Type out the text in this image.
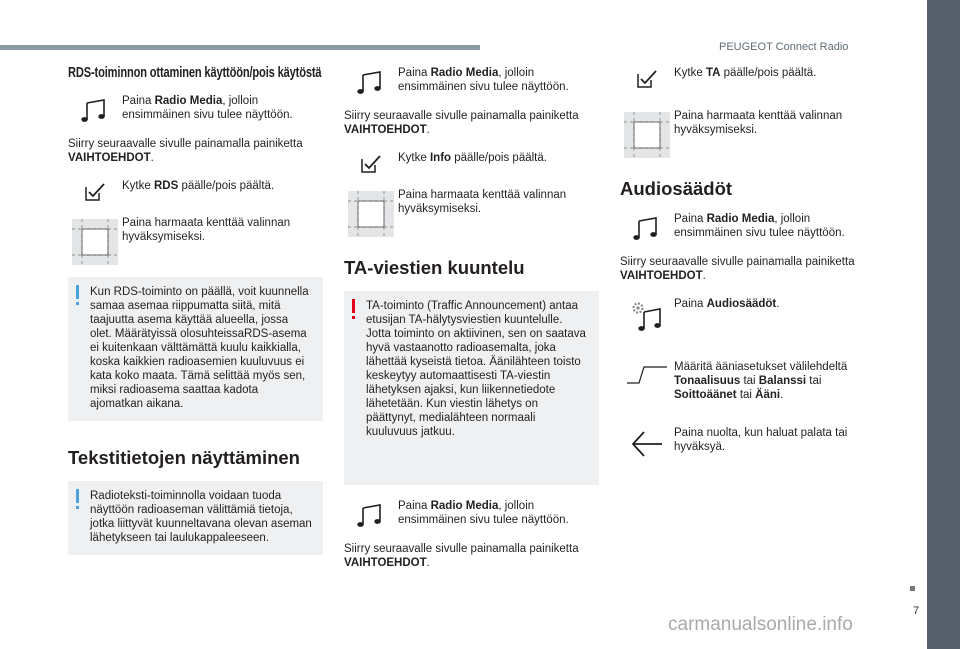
PEUGEOT Connect Radio
RDS-toiminnon ottaminen käyttöön/pois käytöstä
Paina Radio Media, jolloin ensimmäinen sivu tulee näyttöön.
Siirry seuraavalle sivulle painamalla painiketta VAIHTOEHDOT.
Kytke RDS päälle/pois päältä.
Paina harmaata kenttää valinnan hyväksymiseksi.
Kun RDS-toiminto on päällä, voit kuunnella samaa asemaa riippumatta siitä, mitä taajuutta asema käyttää alueella, jossa olet. Määrätyissä olosuhteissaRDS-asema ei kuitenkaan välttämättä kuulu kaikkialla, koska kaikkien radioasemien kuuluvuus ei kata koko maata. Tämä selittää myös sen, miksi radioasema saattaa kadota ajomatkan aikana.
Tekstitietojen näyttäminen
Radioteksti-toiminnolla voidaan tuoda näyttöön radioaseman välittämiä tietoja, jotka liittyvät kuunneltavana olevan aseman lähetykseen tai laulukappaleeseen.
Paina Radio Media, jolloin ensimmäinen sivu tulee näyttöön.
Siirry seuraavalle sivulle painamalla painiketta VAIHTOEHDOT.
Kytke Info päälle/pois päältä.
Paina harmaata kenttää valinnan hyväksymiseksi.
TA-viestien kuuntelu
TA-toiminto (Traffic Announcement) antaa etusijan TA-hälytysviestien kuuntelulle. Jotta toiminto on aktiivinen, sen on saatava hyvä vastaanotto radioasemalta, joka lähettää kyseistä tietoa. Äänilähteen toisto keskeytyy automaattisesti TA-viestin lähetyksen ajaksi, kun liikennetiedote lähetetään. Kun viestin lähetys on päättynyt, medialähteen normaali kuuluvuus jatkuu.
Paina Radio Media, jolloin ensimmäinen sivu tulee näyttöön.
Siirry seuraavalle sivulle painamalla painiketta VAIHTOEHDOT.
Kytke TA päälle/pois päältä.
Paina harmaata kenttää valinnan hyväksymiseksi.
Audiosäädöt
Paina Radio Media, jolloin ensimmäinen sivu tulee näyttöön.
Siirry seuraavalle sivulle painamalla painiketta VAIHTOEHDOT.
Paina Audiosäädöt.
Määritä ääniasetukset välilehdeltä Tonaalisuus tai Balanssi tai Soittoäänet tai Ääni.
Paina nuolta, kun haluat palata tai hyväksyä.
7
carmanualsonline.info
